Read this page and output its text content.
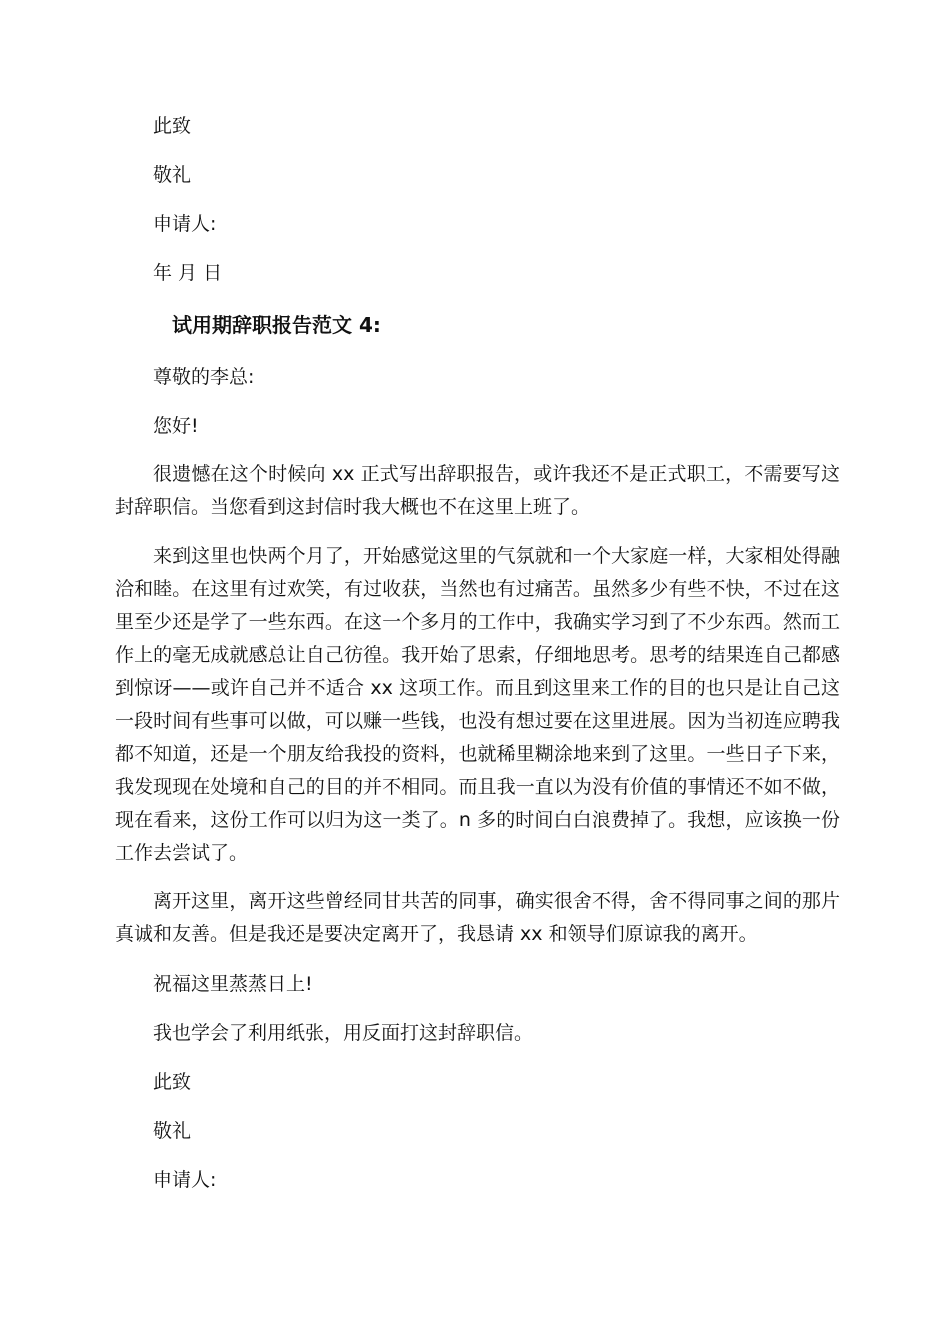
此致
敬礼
申请人:
年 月 日
试用期辞职报告范文 4:
尊敬的李总:
您好!

很遗憾在这个时候向 xx 正式写出辞职报告，或许我还不是正式职工，不需要写这封辞职信。当您看到这封信时我大概也不在这里上班了。

来到这里也快两个月了，开始感觉这里的气氛就和一个大家庭一样，大家相处得融洽和睦。在这里有过欢笑，有过收获，当然也有过痛苦。虽然多少有些不快，不过在这里至少还是学了一些东西。在这一个多月的工作中，我确实学习到了不少东西。然而工作上的毫无成就感总让自己彷徨。我开始了思索，仔细地思考。思考的结果连自己都感到惊讶——或许自己并不适合 xx 这项工作。而且到这里来工作的目的也只是让自己这一段时间有些事可以做，可以赚一些钱，也没有想过要在这里进展。因为当初连应聘我都不知道，还是一个朋友给我投的资料，也就稀里糊涂地来到了这里。一些日子下来，我发现现在处境和自己的目的并不相同。而且我一直以为没有价值的事情还不如不做，现在看来，这份工作可以归为这一类了。n 多的时间白白浪费掉了。我想，应该换一份工作去尝试了。

离开这里，离开这些曾经同甘共苦的同事，确实很舍不得，舍不得同事之间的那片真诚和友善。但是我还是要决定离开了，我恳请 xx 和领导们原谅我的离开。

祝福这里蒸蒸日上!
我也学会了利用纸张，用反面打这封辞职信。
此致
敬礼
申请人:
